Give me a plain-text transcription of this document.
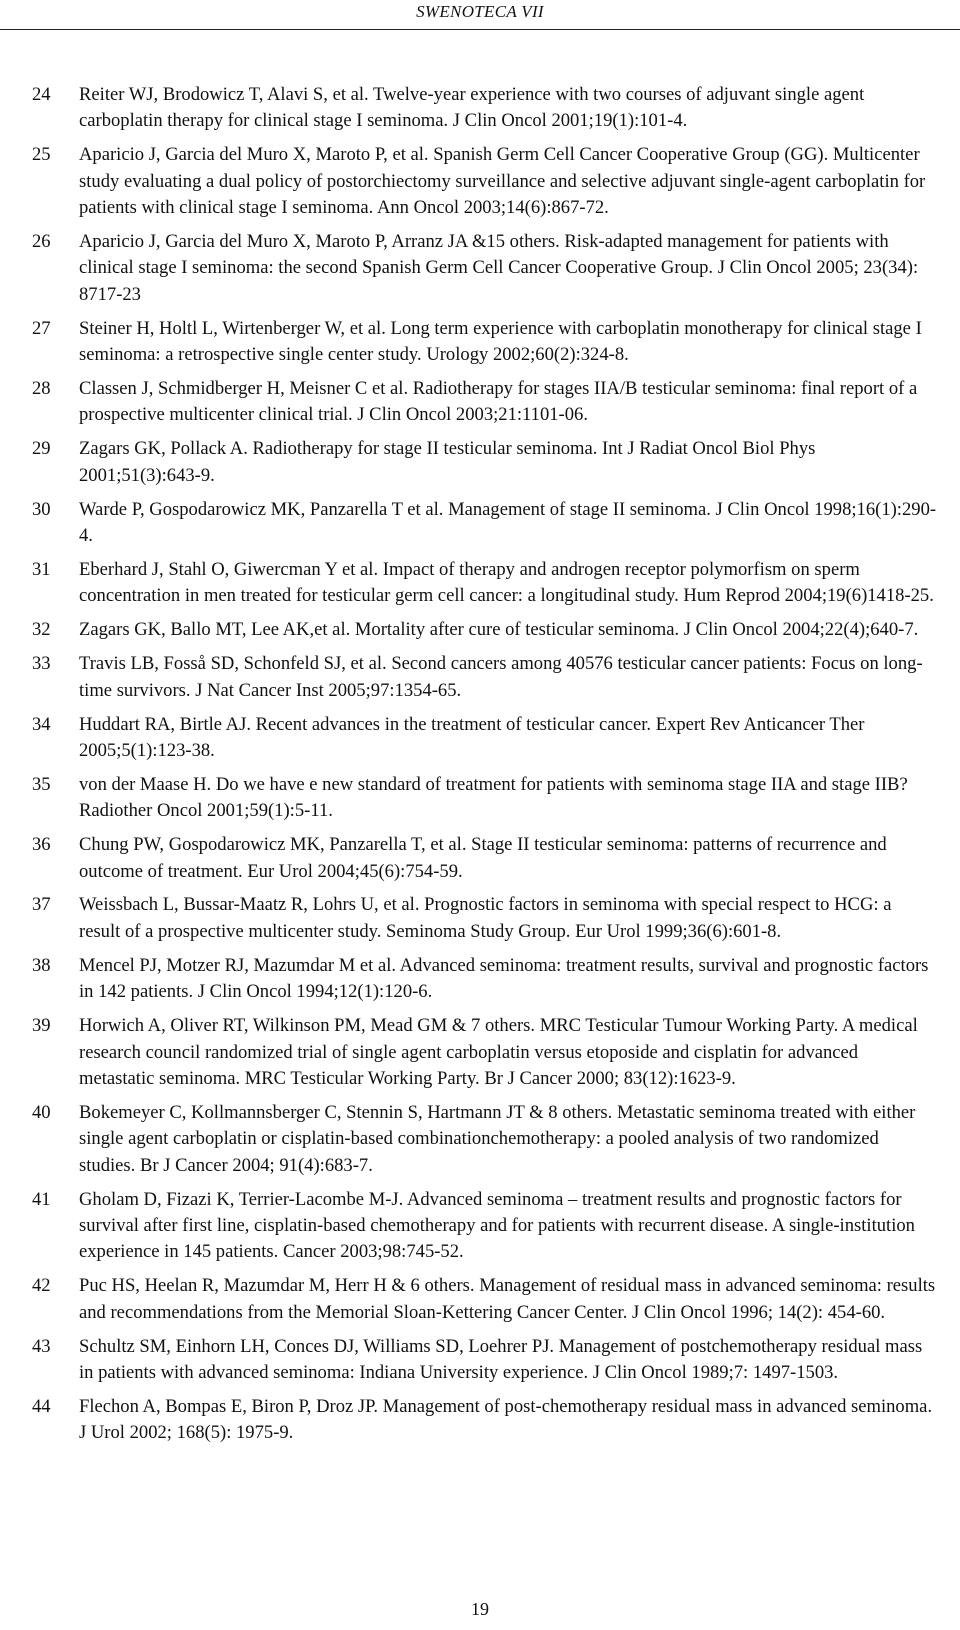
SWENOTECA VII
24	Reiter WJ, Brodowicz T, Alavi S, et al. Twelve-year experience with two courses of adjuvant single agent carboplatin therapy for clinical stage I seminoma. J Clin Oncol 2001;19(1):101-4.
25	Aparicio J, Garcia del Muro X, Maroto P, et al. Spanish Germ Cell Cancer Cooperative Group (GG). Multicenter study evaluating a dual policy of postorchiectomy surveillance and selective adjuvant single-agent carboplatin for patients with clinical stage I seminoma. Ann Oncol 2003;14(6):867-72.
26	Aparicio J, Garcia del Muro X, Maroto P, Arranz JA &15 others. Risk-adapted management for patients with clinical stage I seminoma: the second Spanish Germ Cell Cancer Cooperative Group. J Clin Oncol 2005; 23(34): 8717-23
27	Steiner H, Holtl L, Wirtenberger W, et al. Long term experience with carboplatin monotherapy for clinical stage I seminoma: a retrospective single center study. Urology 2002;60(2):324-8.
28	Classen J, Schmidberger H, Meisner C et al. Radiotherapy for stages IIA/B testicular seminoma: final report of a prospective multicenter clinical trial. J Clin Oncol 2003;21:1101-06.
29	Zagars GK, Pollack A. Radiotherapy for stage II testicular seminoma. Int J Radiat Oncol Biol Phys 2001;51(3):643-9.
30	Warde P, Gospodarowicz MK, Panzarella T et al. Management of stage II seminoma. J Clin Oncol 1998;16(1):290-4.
31	Eberhard J, Stahl O, Giwercman Y et al. Impact of therapy and androgen receptor polymorfism on sperm concentration in men treated for testicular germ cell cancer: a longitudinal study. Hum Reprod 2004;19(6)1418-25.
32	Zagars GK, Ballo MT, Lee AK,et al. Mortality after cure of testicular seminoma. J Clin Oncol 2004;22(4);640-7.
33	Travis LB, Fosså SD, Schonfeld SJ, et al. Second cancers among 40576 testicular cancer patients: Focus on long-time survivors. J Nat Cancer Inst 2005;97:1354-65.
34	Huddart RA, Birtle AJ. Recent advances in the treatment of testicular cancer. Expert Rev Anticancer Ther 2005;5(1):123-38.
35	von der Maase H. Do we have e new standard of treatment for patients with seminoma stage IIA and stage IIB? Radiother Oncol 2001;59(1):5-11.
36	Chung PW, Gospodarowicz MK, Panzarella T, et al. Stage II testicular seminoma: patterns of recurrence and outcome of treatment. Eur Urol 2004;45(6):754-59.
37	Weissbach L, Bussar-Maatz R, Lohrs U, et al. Prognostic factors in seminoma with special respect to HCG: a result of a prospective multicenter study. Seminoma Study Group. Eur Urol 1999;36(6):601-8.
38	Mencel PJ, Motzer RJ, Mazumdar M et al. Advanced seminoma: treatment results, survival and prognostic factors in 142 patients. J Clin Oncol 1994;12(1):120-6.
39	Horwich A, Oliver RT, Wilkinson PM, Mead GM & 7 others. MRC Testicular Tumour Working Party. A medical research council randomized trial of single agent carboplatin versus etoposide and cisplatin for advanced metastatic seminoma. MRC Testicular Working Party. Br J Cancer 2000; 83(12):1623-9.
40	Bokemeyer C, Kollmannsberger C, Stennin S, Hartmann JT & 8 others. Metastatic seminoma treated with either single agent carboplatin or cisplatin-based combinationchemotherapy: a pooled analysis of two randomized studies. Br J Cancer 2004; 91(4):683-7.
41	Gholam D, Fizazi K, Terrier-Lacombe M-J. Advanced seminoma – treatment results and prognostic factors for survival after first line, cisplatin-based chemotherapy and for patients with recurrent disease. A single-institution experience in 145 patients. Cancer 2003;98:745-52.
42	Puc HS, Heelan R, Mazumdar M, Herr H & 6 others. Management of residual mass in advanced seminoma: results and recommendations from the Memorial Sloan-Kettering Cancer Center. J Clin Oncol 1996; 14(2): 454-60.
43	Schultz SM, Einhorn LH, Conces DJ, Williams SD, Loehrer PJ. Management of postchemotherapy residual mass in patients with advanced seminoma: Indiana University experience. J Clin Oncol 1989;7: 1497-1503.
44	Flechon A, Bompas E, Biron P, Droz JP. Management of post-chemotherapy residual mass in advanced seminoma. J Urol 2002; 168(5): 1975-9.
19
